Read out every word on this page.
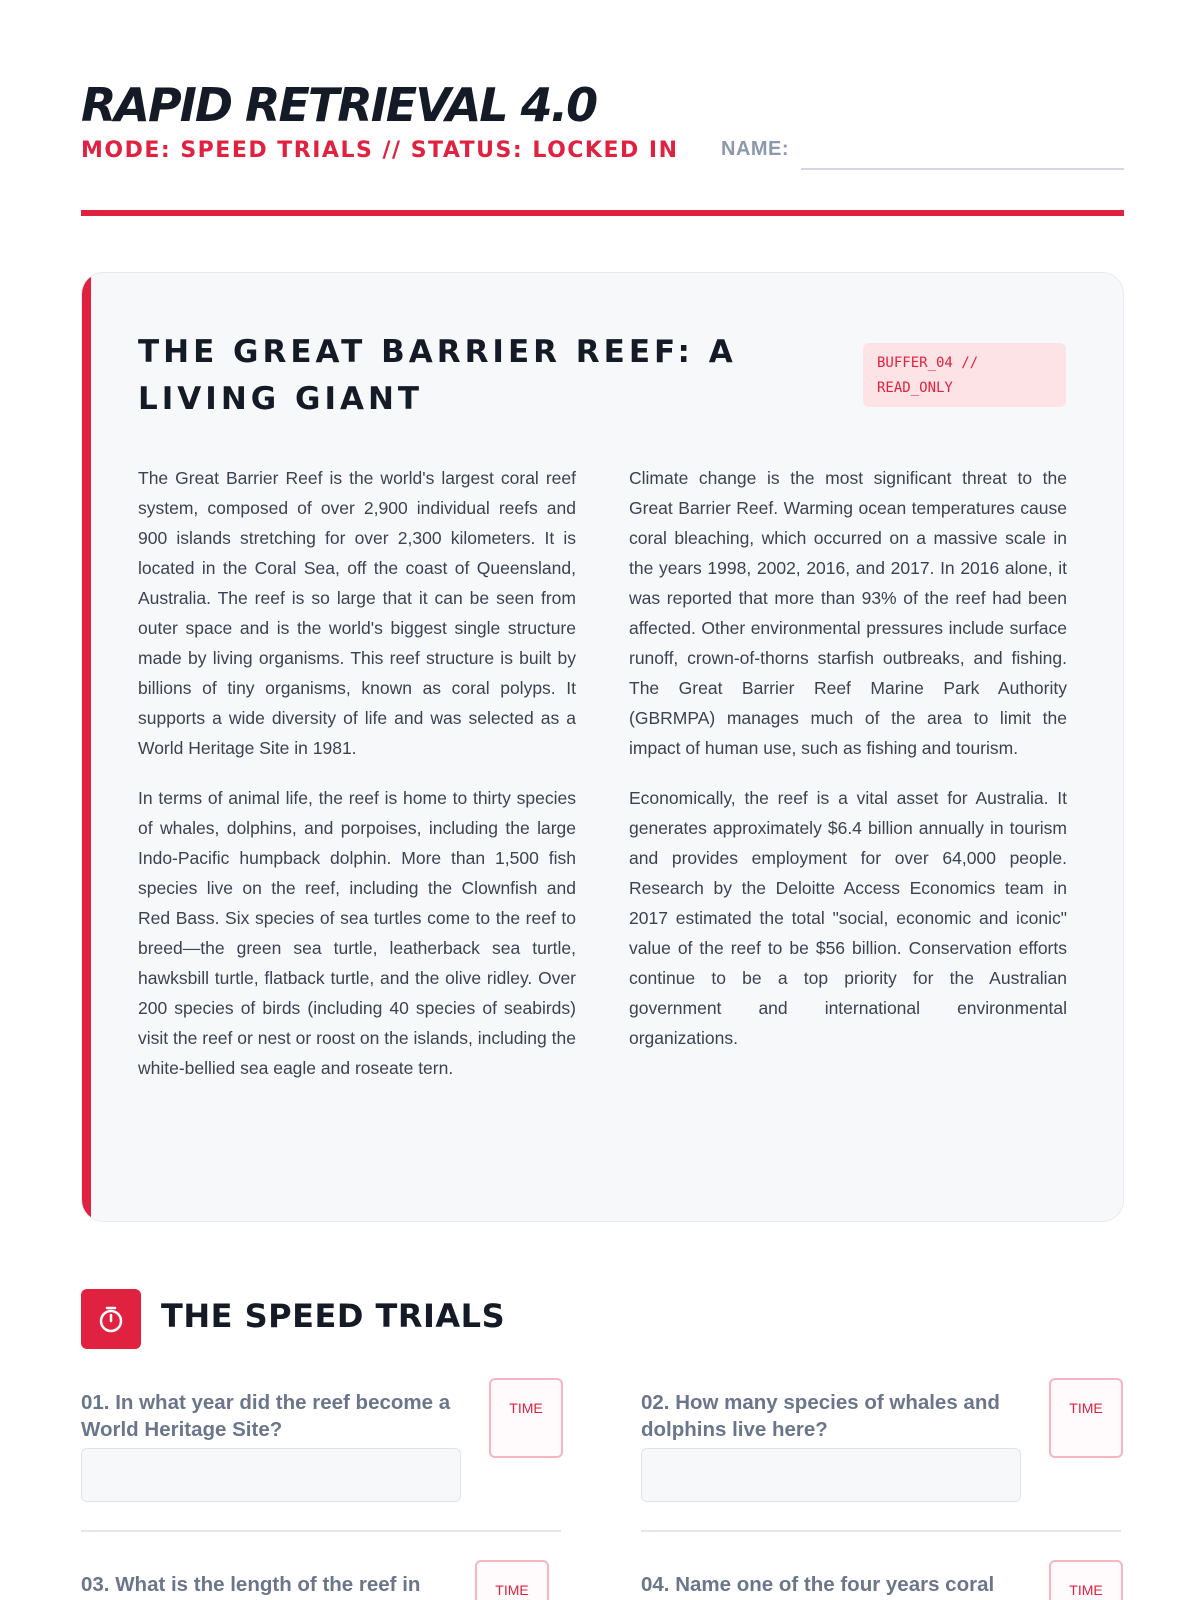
RAPID RETRIEVAL 4.0
MODE: SPEED TRIALS // STATUS: LOCKED IN NAME:
THE GREAT BARRIER REEF: A LIVING GIANT
BUFFER_04 // READ_ONLY

The Great Barrier Reef is the world's largest coral reef system, composed of over 2,900 individual reefs and 900 islands stretching for over 2,300 kilometers. It is located in the Coral Sea, off the coast of Queensland, Australia. The reef is so large that it can be seen from outer space and is the world's biggest single structure made by living organisms. This reef structure is built by billions of tiny organisms, known as coral polyps. It supports a wide diversity of life and was selected as a World Heritage Site in 1981.

In terms of animal life, the reef is home to thirty species of whales, dolphins, and porpoises, including the large Indo-Pacific humpback dolphin. More than 1,500 fish species live on the reef, including the Clownfish and Red Bass. Six species of sea turtles come to the reef to breed—the green sea turtle, leatherback sea turtle, hawksbill turtle, flatback turtle, and the olive ridley. Over 200 species of birds (including 40 species of seabirds) visit the reef or nest or roost on the islands, including the white-bellied sea eagle and roseate tern.

Climate change is the most significant threat to the Great Barrier Reef. Warming ocean temperatures cause coral bleaching, which occurred on a massive scale in the years 1998, 2002, 2016, and 2017. In 2016 alone, it was reported that more than 93% of the reef had been affected. Other environmental pressures include surface runoff, crown-of-thorns starfish outbreaks, and fishing. The Great Barrier Reef Marine Park Authority (GBRMPA) manages much of the area to limit the impact of human use, such as fishing and tourism.

Economically, the reef is a vital asset for Australia. It generates approximately $6.4 billion annually in tourism and provides employment for over 64,000 people. Research by the Deloitte Access Economics team in 2017 estimated the total "social, economic and iconic" value of the reef to be $56 billion. Conservation efforts continue to be a top priority for the Australian government and international environmental organizations.

THE SPEED TRIALS
01. In what year did the reef become a World Heritage Site?
TIME	02. How many species of whales and dolphins live here?
TIME
03. What is the length of the reef in	TIME	04. Name one of the four years coral	TIME
